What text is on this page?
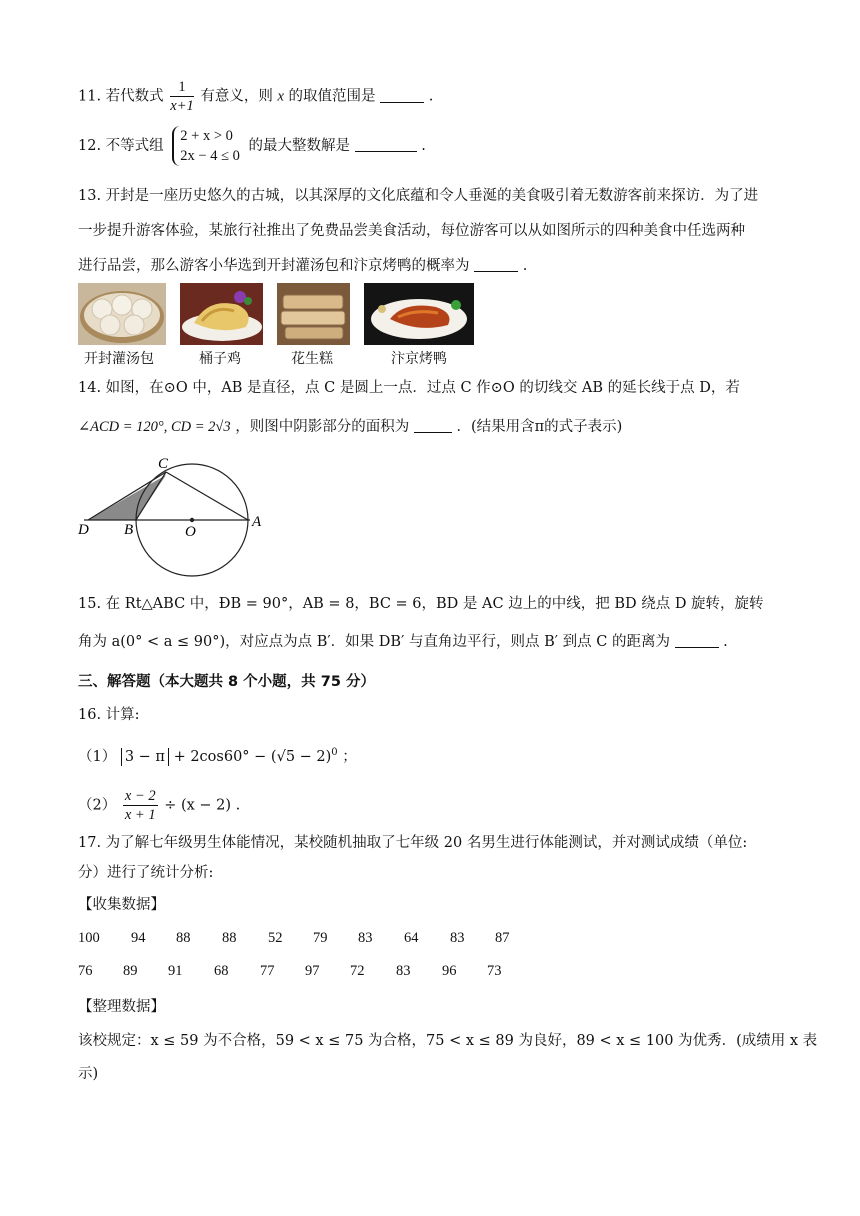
11. 若代数式 $\frac{1}{x+1}$ 有意义，则 x 的取值范围是	.
12. 不等式组
2 + x > 0
2x − 4 ≤ 0
的最大整数解是	.
13. 开封是一座历史悠久的古城，以其深厚的文化底蕴和令人垂涎的美食吸引着无数游客前来探访．为了进
一步提升游客体验，某旅行社推出了免费品尝美食活动，每位游客可以从如图所示的四种美食中任选两种
进行品尝，那么游客小华选到开封灌汤包和汴京烤鸭的概率为	.
开封灌汤包	桶子鸡	花生糕	汴京烤鸭
14. 如图，在⊙O 中，AB 是直径，点 C 是圆上一点．过点 C 作⊙O 的切线交 AB 的延长线于点 D，若
∠ACD = 120°, CD = 2√3 ，则图中阴影部分的面积为	．(结果用含π的式子表示)
C
D B	O
A
15. 在 Rt△ABC 中，ÐB = 90°，AB = 8，BC = 6，BD 是 AC 边上的中线，把 BD 绕点 D 旋转，旋转
角为 a(0° < a ≤ 90°)，对应点为点 B′．如果 DB′ 与直角边平行，则点 B′ 到点 C 的距离为	.
三、解答题（本大题共 8 个小题，共 75 分）
16. 计算:
（1） $3 - \pi + 2\cos 60^\circ - (√5 - 2)^0$ ；
$(2) \frac{x - 2}{x + 1} \div (x - 2)$ .
17. 为了解七年级男生体能情况，某校随机抽取了七年级 20 名男生进行体能测试，并对测试成绩（单位:
分）进行了统计分析:
【收集数据】
100 94 88 88 52 79 83 64 83 87
76 89 91 68 77 97 72 83 96 73
【整理数据】
该校规定：x ≤ 59 为不合格，59 < x ≤ 75 为合格，75 < x ≤ 89 为良好，89 < x ≤ 100 为优秀．(成绩用 x 表
示)
